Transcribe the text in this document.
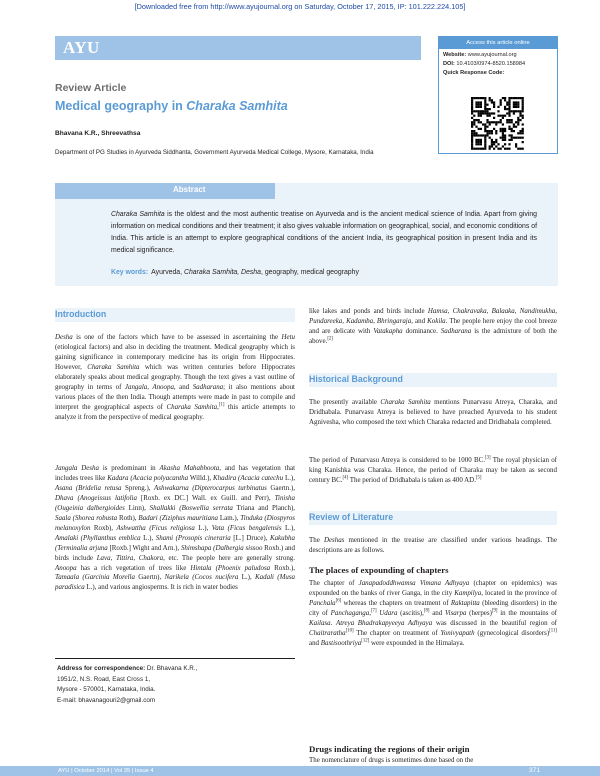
[Downloaded free from http://www.ayujournal.org on Saturday, October 17, 2015, IP: 101.222.224.105]
AYU	Access this article online
Website: www.ayujournal.org
DOI: 10.4103/0974-8520.158984
Quick Response Code:
Review Article
Medical geography in Charaka Samhita
Bhavana K.R., Shreevathsa
Department of PG Studies in Ayurveda Siddhanta, Government Ayurveda Medical College, Mysore, Karnataka, India
Abstract
Charaka Samhita is the oldest and the most authentic treatise on Ayurveda and is the ancient medical science of India. Apart from giving information on medical conditions and their treatment; it also gives valuable information on geographical, social, and economic conditions of India. This article is an attempt to explore geographical conditions of the ancient India, its geographical position in present India and its medical significance.
Key words: Ayurveda, Charaka Samhita, Desha, geography, medical geography
Introduction
Desha is one of the factors which have to be assessed in ascertaining the Hetu (etiological factors) and also in deciding the treatment. Medical geography which is gaining significance in contemporary medicine has its origin from Hippocrates. However, Charaka Samhita which was written centuries before Hippocrates elaborately speaks about medical geography. Though the text gives a vast outline of geography in terms of Jangala, Anoopa, and Sadharana; it also mentions about various places of the then India. Though attempts were made in past to compile and interpret the geographical aspects of Charaka Samhita,[1] this article attempts to analyze it from the perspective of medical geography.
Jangala Desha is predominant in Akasha Mahabhoota, and has vegetation that includes trees like Kadara (Acacia polyacantha Willd.), Khadira (Acacia catechu L.), Asana (Bridelia retusa Spreng.), Ashwakarna (Dipterocarpus turbinatus Gaertn.), Dhava (Anogeissus latifolia [Roxb. ex DC.] Wall. ex Guill. and Perr), Tinisha (Ougeinia dalbergioides Linn), Shallakki (Boswellia serrata Triana and Planch), Saala (Shorea robusta Roth), Badari (Ziziphus mauritiana Lam.), Tinduka (Diospyros melanoxylon Roxb), Ashwattha (Ficus religiosa L.), Vata (Ficus bengalensis L.), Amalaki (Phyllanthus emblica L.), Shami (Prosopis cineraria [L.] Druce), Kakubha (Terminalia arjuna [Roxb.] Wight and Arn.), Shimshapa (Dalbergia sissoo Roxb.) and birds include Lava, Tittira, Chakora, etc. The people here are generally strong. Anoopa has a rich vegetation of trees like Hintala (Phoenix paludosa Roxb.), Tamaala (Garcinia Morella Gaertn), Narikela (Cocos nucifera L.), Kadali (Musa paradisica L.), and various angiosperms. It is rich in water bodies
Address for correspondence: Dr. Bhavana K.R.,
1951/2, N.S. Road, East Cross 1,
Mysore - 570001, Karnataka, India.
E-mail: bhavanagouri2@gmail.com
like lakes and ponds and birds include Hamsa, Chakravaka, Balaaka, Nandimukha, Pundareeka, Kadamba, Bhringaraja, and Kokila. The people here enjoy the cool breeze and are delicate with Vatakapha dominance. Sadharana is the admixture of both the above.[2]
Historical Background
The presently available Charaka Samhita mentions Punarvasu Atreya, Charaka, and Dridhabala. Punarvasu Atreya is believed to have preached Ayurveda to his student Agnivesha, who composed the text which Charaka redacted and Dridhabala completed.
The period of Punarvasu Atreya is considered to be 1000 BC.[3] The royal physician of king Kanishka was Charaka. Hence, the period of Charaka may be taken as second century BC.[4] The period of Dridhabala is taken as 400 AD.[5]
Review of Literature
The Deshas mentioned in the treatise are classified under various headings. The descriptions are as follows.
The places of expounding of chapters
The chapter of Janapadoddhwamsa Vimana Adhyaya (chapter on epidemics) was expounded on the banks of river Ganga, in the city Kampilya, located in the province of Panchala[6] whereas the chapters on treatment of Raktapitta (bleeding disorders) in the city of Panchaganga,[7] Udara (ascitis),[8] and Visarpa (herpes)[9] in the mountains of Kailasa. Atreya Bhadrakapyeeya Adhyaya was discussed in the beautiful region of Chaitraratha[10] The chapter on treatment of Yonivyapath (gynecological disorders)[11] and Bastisoothriya[12] were expounded in the Himalaya.
Drugs indicating the regions of their origin
The nomenclature of drugs is sometimes done based on the
AYU | October 2014 | Vol 35 | Issue 4	371
